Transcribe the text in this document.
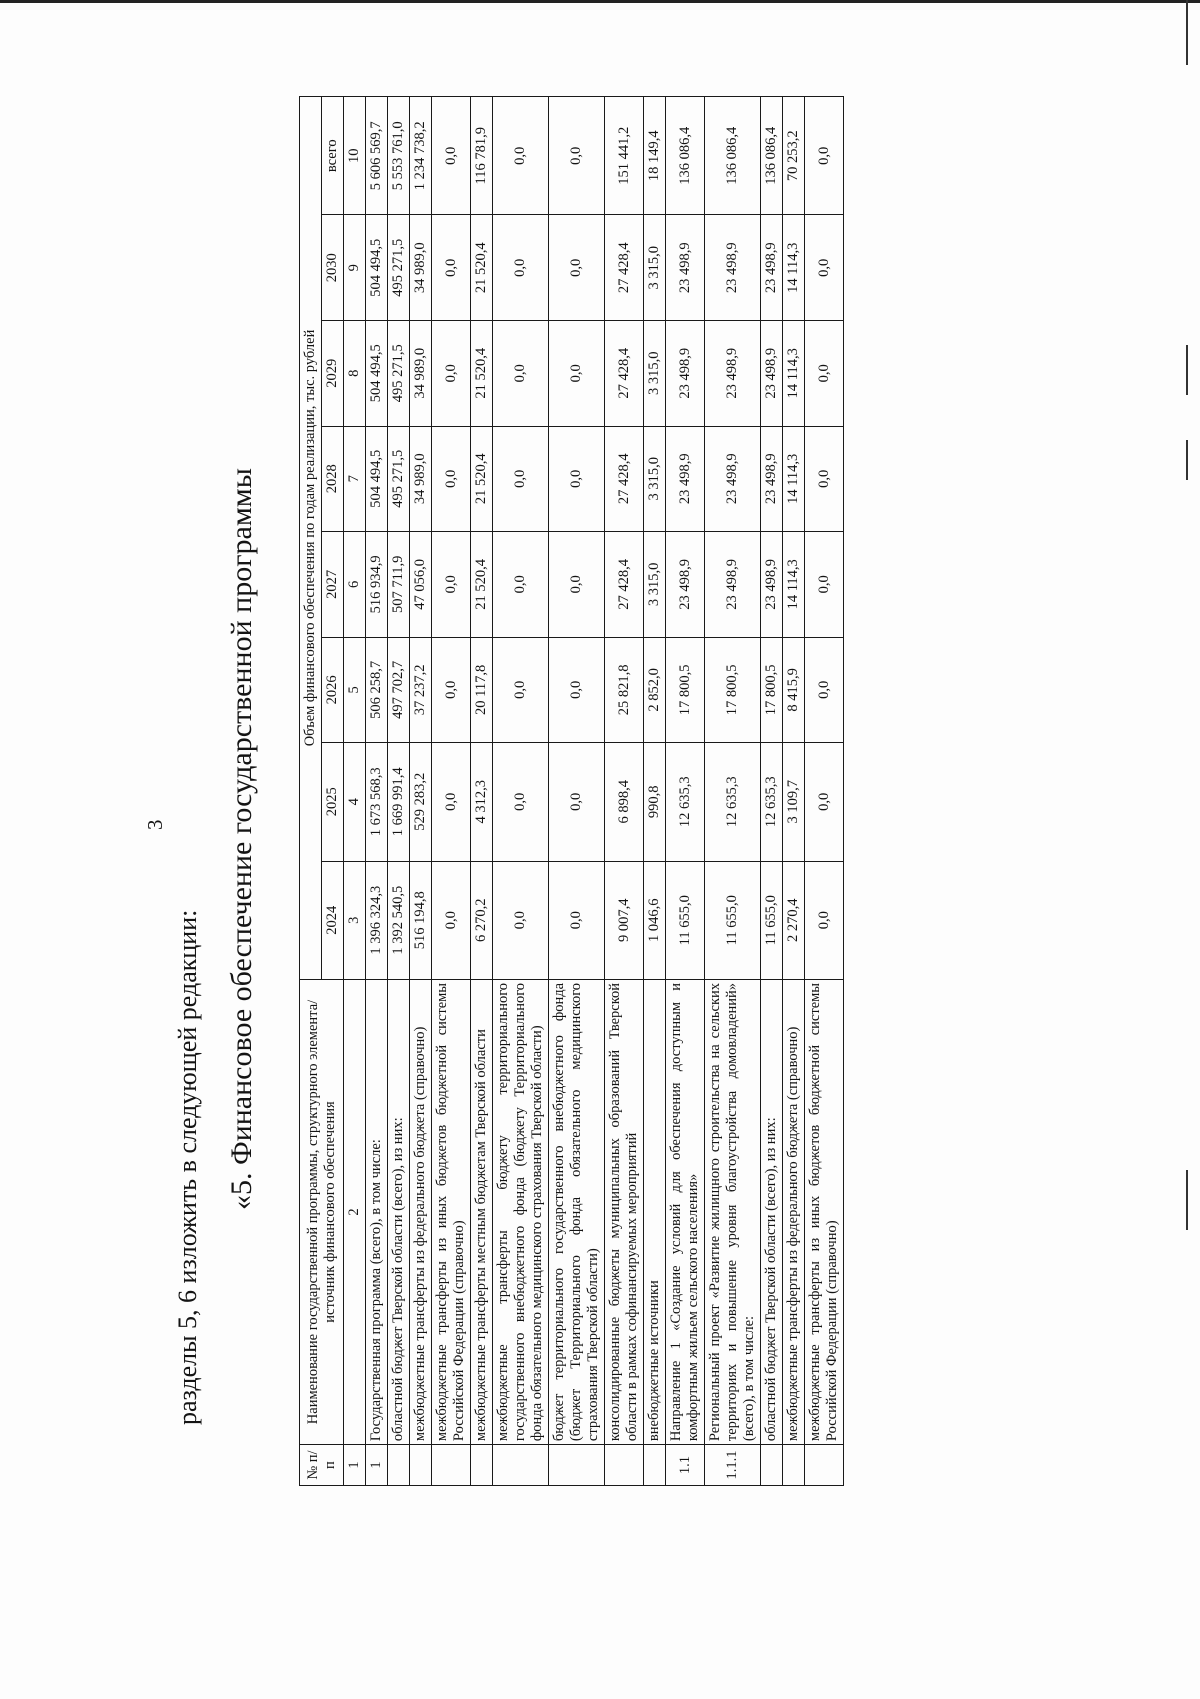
3
разделы 5, 6 изложить в следующей редакции: «5. Финансовое обеспечение государственной программы
№ п/п	Наименование государственной программы, структурного элемента/источник финансового обеспечения	Объем финансового обеспечения по годам реализации, тыс. рублей							
		2024	2025	2026	2027	2028	2029	2030	всего
1	2	3	4	5	6	7	8	9	10
1	Государственная программа (всего), в том числе:	1 396 324,3	1 673 568,3	506 258,7	516 934,9	504 494,5	504 494,5	504 494,5	5 606 569,7
	областной бюджет Тверской области (всего), из них:	1 392 540,5	1 669 991,4	497 702,7	507 711,9	495 271,5	495 271,5	495 271,5	5 553 761,0
	межбюджетные трансферты из федерального бюджета (справочно)	516 194,8	529 283,2	37 237,2	47 056,0	34 989,0	34 989,0	34 989,0	1 234 738,2
	межбюджетные трансферты из иных бюджетов бюджетной системы Российской Федерации (справочно)	0,0	0,0	0,0	0,0	0,0	0,0	0,0	0,0
	межбюджетные трансферты местным бюджетам Тверской области	6 270,2	4 312,3	20 117,8	21 520,4	21 520,4	21 520,4	21 520,4	116 781,9
	межбюджетные трансферты бюджету территориального государственного внебюджетного фонда (бюджету Территориального фонда обязательного медицинского страхования Тверской области)	0,0	0,0	0,0	0,0	0,0	0,0	0,0	0,0
	бюджет территориального государственного внебюджетного фонда (бюджет Территориального фонда обязательного медицинского страхования Тверской области)	0,0	0,0	0,0	0,0	0,0	0,0	0,0	0,0
	консолидированные бюджеты муниципальных образований Тверской области в рамках софинансируемых мероприятий	9 007,4	6 898,4	25 821,8	27 428,4	27 428,4	27 428,4	27 428,4	151 441,2
	внебюджетные источники	1 046,6	990,8	2 852,0	3 315,0	3 315,0	3 315,0	3 315,0	18 149,4
1.1	Направление 1 «Создание условий для обеспечения доступным и комфортным жильем сельского населения»	11 655,0	12 635,3	17 800,5	23 498,9	23 498,9	23 498,9	23 498,9	136 086,4
1.1.1	Региональный проект «Развитие жилищного строительства на сельских территориях и повышение уровня благоустройства домовладений» (всего), в том числе:	11 655,0	12 635,3	17 800,5	23 498,9	23 498,9	23 498,9	23 498,9	136 086,4
	областной бюджет Тверской области (всего), из них:	11 655,0	12 635,3	17 800,5	23 498,9	23 498,9	23 498,9	23 498,9	136 086,4
	межбюджетные трансферты из федерального бюджета (справочно)	2 270,4	3 109,7	8 415,9	14 114,3	14 114,3	14 114,3	14 114,3	70 253,2
	межбюджетные трансферты из иных бюджетов бюджетной системы Российской Федерации (справочно)	0,0	0,0	0,0	0,0	0,0	0,0	0,0	0,0
